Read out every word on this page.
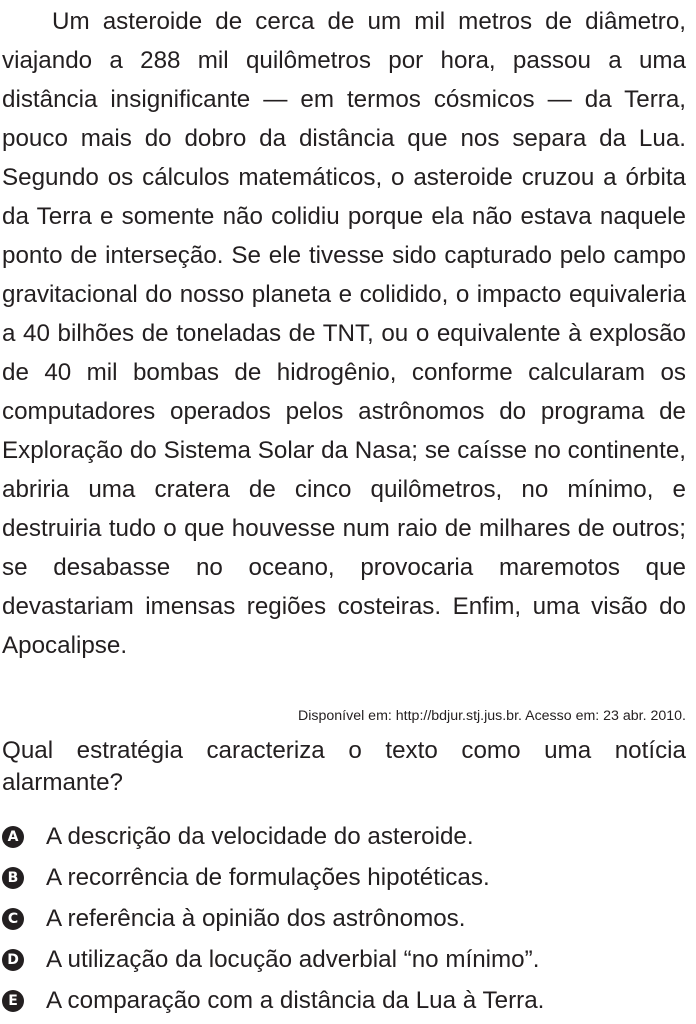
Um asteroide de cerca de um mil metros de diâmetro, viajando a 288 mil quilômetros por hora, passou a uma distância insignificante — em termos cósmicos — da Terra, pouco mais do dobro da distância que nos separa da Lua. Segundo os cálculos matemáticos, o asteroide cruzou a órbita da Terra e somente não colidiu porque ela não estava naquele ponto de interseção. Se ele tivesse sido capturado pelo campo gravitacional do nosso planeta e colidido, o impacto equivaleria a 40 bilhões de toneladas de TNT, ou o equivalente à explosão de 40 mil bombas de hidrogênio, conforme calcularam os computadores operados pelos astrônomos do programa de Exploração do Sistema Solar da Nasa; se caísse no continente, abriria uma cratera de cinco quilômetros, no mínimo, e destruiria tudo o que houvesse num raio de milhares de outros; se desabasse no oceano, provocaria maremotos que devastariam imensas regiões costeiras. Enfim, uma visão do Apocalipse.

Disponível em: http://bdjur.stj.jus.br. Acesso em: 23 abr. 2010.

Qual estratégia caracteriza o texto como uma notícia alarmante?

A A descrição da velocidade do asteroide.
B A recorrência de formulações hipotéticas.
C A referência à opinião dos astrônomos.
D A utilização da locução adverbial “no mínimo”.
E A comparação com a distância da Lua à Terra.
